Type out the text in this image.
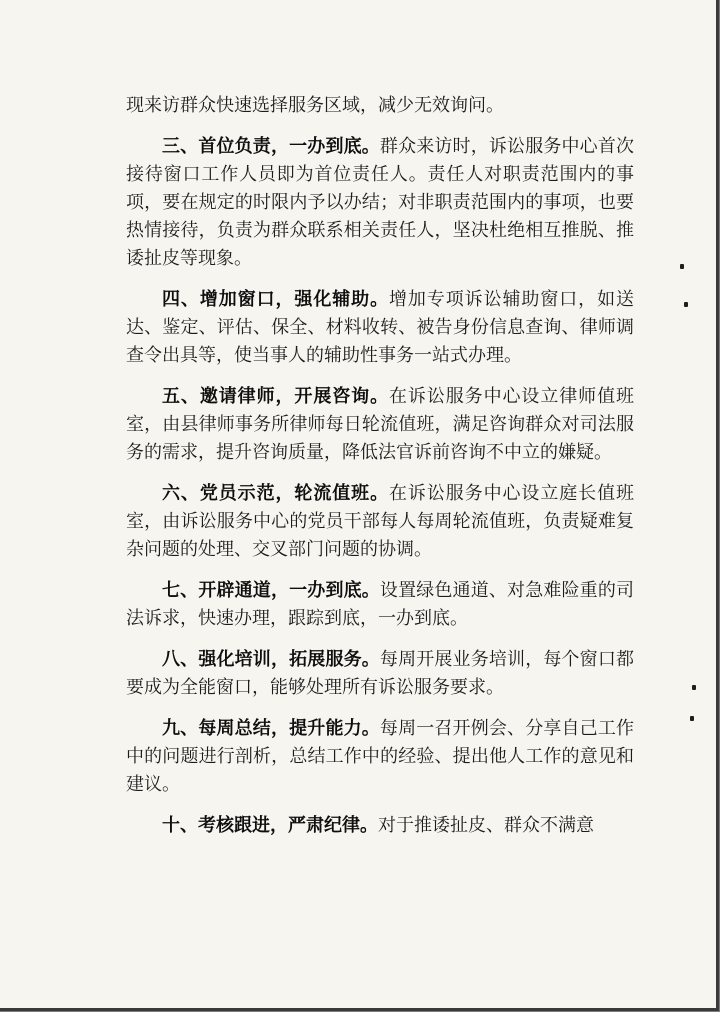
现来访群众快速选择服务区域，减少无效询问。

三、首位负责，一办到底。群众来访时，诉讼服务中心首次接待窗口工作人员即为首位责任人。责任人对职责范围内的事项，要在规定的时限内予以办结；对非职责范围内的事项，也要热情接待，负责为群众联系相关责任人，坚决杜绝相互推脱、推诿扯皮等现象。

四、增加窗口，强化辅助。增加专项诉讼辅助窗口，如送达、鉴定、评估、保全、材料收转、被告身份信息查询、律师调查令出具等，使当事人的辅助性事务一站式办理。

五、邀请律师，开展咨询。在诉讼服务中心设立律师值班室，由县律师事务所律师每日轮流值班，满足咨询群众对司法服务的需求，提升咨询质量，降低法官诉前咨询不中立的嫌疑。

六、党员示范，轮流值班。在诉讼服务中心设立庭长值班室，由诉讼服务中心的党员干部每人每周轮流值班，负责疑难复杂问题的处理、交叉部门问题的协调。

七、开辟通道，一办到底。设置绿色通道、对急难险重的司法诉求，快速办理，跟踪到底，一办到底。

八、强化培训，拓展服务。每周开展业务培训，每个窗口都要成为全能窗口，能够处理所有诉讼服务要求。

九、每周总结，提升能力。每周一召开例会、分享自己工作中的问题进行剖析，总结工作中的经验、提出他人工作的意见和建议。

十、考核跟进，严肃纪律。对于推诿扯皮、群众不满意
